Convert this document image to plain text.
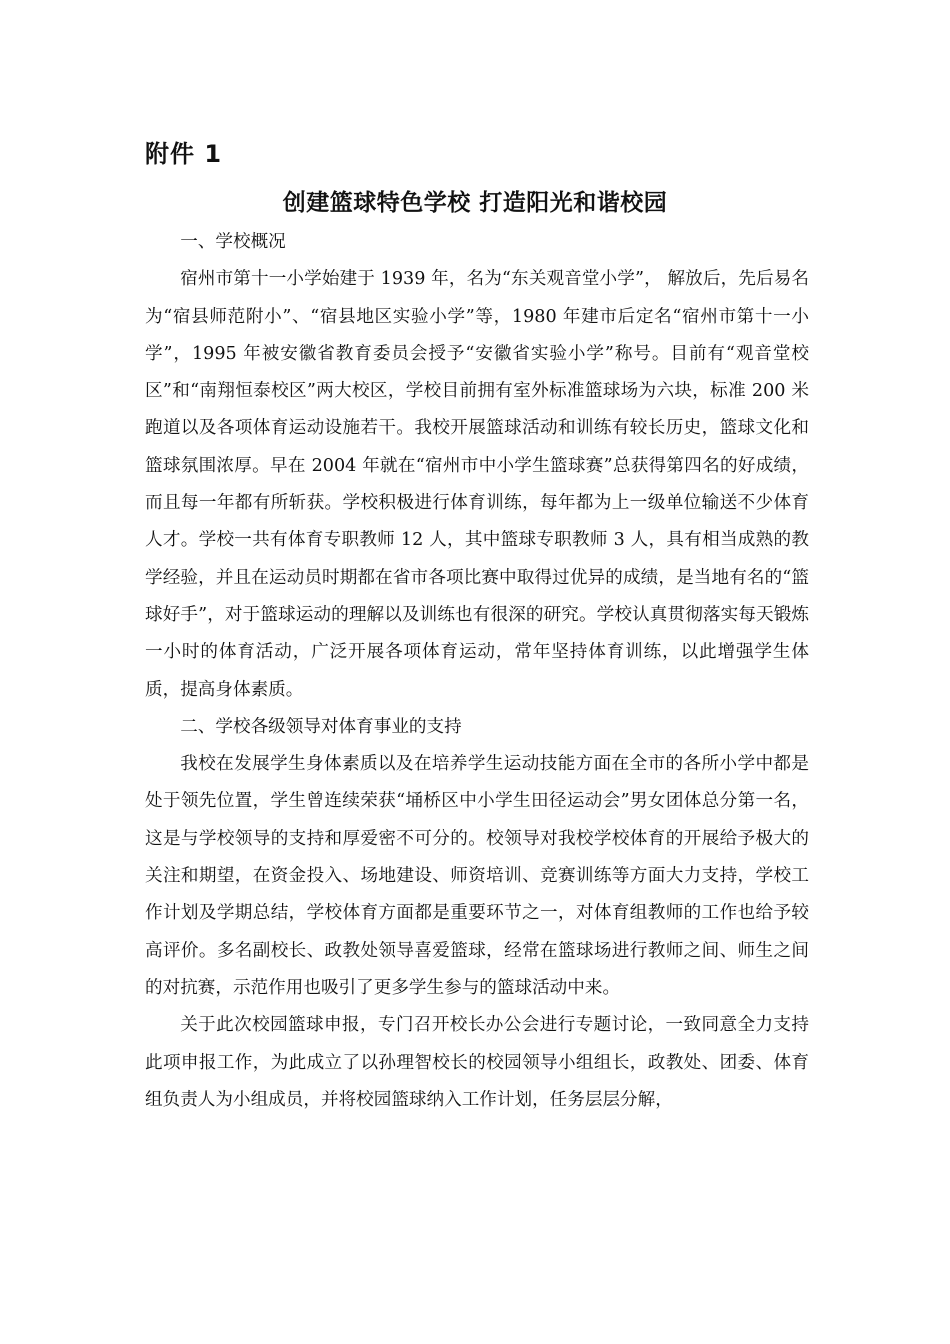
附件 1
创建篮球特色学校 打造阳光和谐校园
一、学校概况

宿州市第十一小学始建于 1939 年，名为“东关观音堂小学”， 解放后，先后易名为“宿县师范附小”、“宿县地区实验小学”等，1980 年建市后定名“宿州市第十一小学”，1995 年被安徽省教育委员会授予“安徽省实验小学”称号。目前有“观音堂校区”和“南翔恒泰校区”两大校区，学校目前拥有室外标准篮球场为六块，标准 200 米跑道以及各项体育运动设施若干。我校开展篮球活动和训练有较长历史，篮球文化和篮球氛围浓厚。早在 2004 年就在“宿州市中小学生篮球赛”总获得第四名的好成绩，而且每一年都有所斩获。学校积极进行体育训练，每年都为上一级单位输送不少体育人才。学校一共有体育专职教师 12 人，其中篮球专职教师 3 人，具有相当成熟的教学经验，并且在运动员时期都在省市各项比赛中取得过优异的成绩，是当地有名的“篮球好手”，对于篮球运动的理解以及训练也有很深的研究。学校认真贯彻落实每天锻炼一小时的体育活动，广泛开展各项体育运动，常年坚持体育训练，以此增强学生体质，提高身体素质。

二、学校各级领导对体育事业的支持

我校在发展学生身体素质以及在培养学生运动技能方面在全市的各所小学中都是处于领先位置，学生曾连续荣获“埇桥区中小学生田径运动会”男女团体总分第一名，这是与学校领导的支持和厚爱密不可分的。校领导对我校学校体育的开展给予极大的关注和期望，在资金投入、场地建设、师资培训、竞赛训练等方面大力支持，学校工作计划及学期总结，学校体育方面都是重要环节之一，对体育组教师的工作也给予较高评价。多名副校长、政教处领导喜爱篮球，经常在篮球场进行教师之间、师生之间的对抗赛，示范作用也吸引了更多学生参与的篮球活动中来。

关于此次校园篮球申报，专门召开校长办公会进行专题讨论，一致同意全力支持此项申报工作，为此成立了以孙理智校长的校园领导小组组长，政教处、团委、体育组负责人为小组成员，并将校园篮球纳入工作计划，任务层层分解，
